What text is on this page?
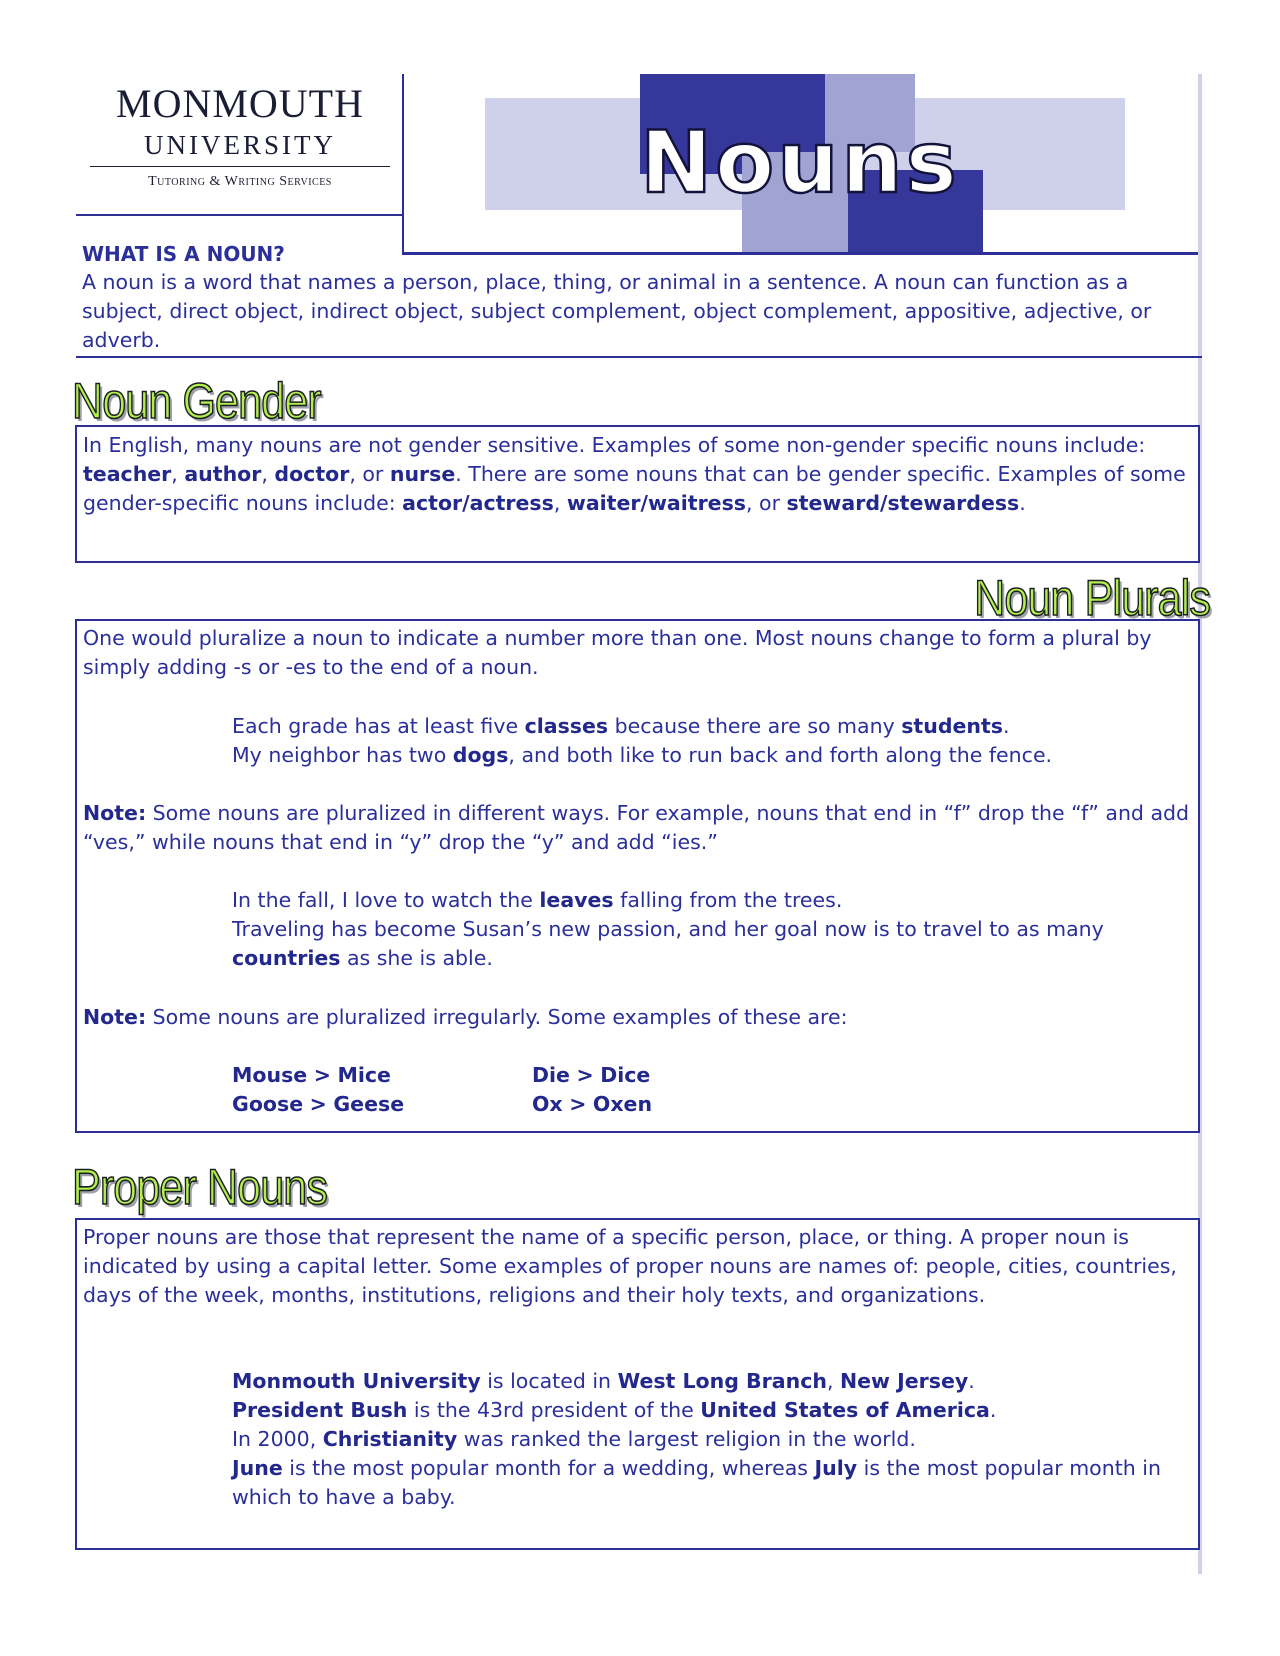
MONMOUTH
UNIVERSITY
Tutoring & Writing Services	Nouns
WHAT IS A NOUN?
A noun is a word that names a person, place, thing, or animal in a sentence. A noun can function as a subject, direct object, indirect object, subject complement, object complement, appositive, adjective, or adverb.
Noun Gender
In English, many nouns are not gender sensitive. Examples of some non-gender specific nouns include: teacher, author, doctor, or nurse. There are some nouns that can be gender specific. Examples of some gender-specific nouns include: actor/actress, waiter/waitress, or steward/stewardess.
Noun Plurals
One would pluralize a noun to indicate a number more than one. Most nouns change to form a plural by simply adding -s or -es to the end of a noun.
Each grade has at least five classes because there are so many students.
My neighbor has two dogs, and both like to run back and forth along the fence.
Note: Some nouns are pluralized in different ways. For example, nouns that end in “f” drop the “f” and add “ves,” while nouns that end in “y” drop the “y” and add “ies.”
In the fall, I love to watch the leaves falling from the trees.
Traveling has become Susan’s new passion, and her goal now is to travel to as many countries as she is able.
Note: Some nouns are pluralized irregularly. Some examples of these are:
Mouse > Mice
Goose > Geese
Die > Dice
Ox > Oxen
Proper Nouns
Proper nouns are those that represent the name of a specific person, place, or thing. A proper noun is indicated by using a capital letter. Some examples of proper nouns are names of: people, cities, countries, days of the week, months, institutions, religions and their holy texts, and organizations.
Monmouth University is located in West Long Branch, New Jersey.
President Bush is the 43rd president of the United States of America.
In 2000, Christianity was ranked the largest religion in the world.
June is the most popular month for a wedding, whereas July is the most popular month in which to have a baby.
